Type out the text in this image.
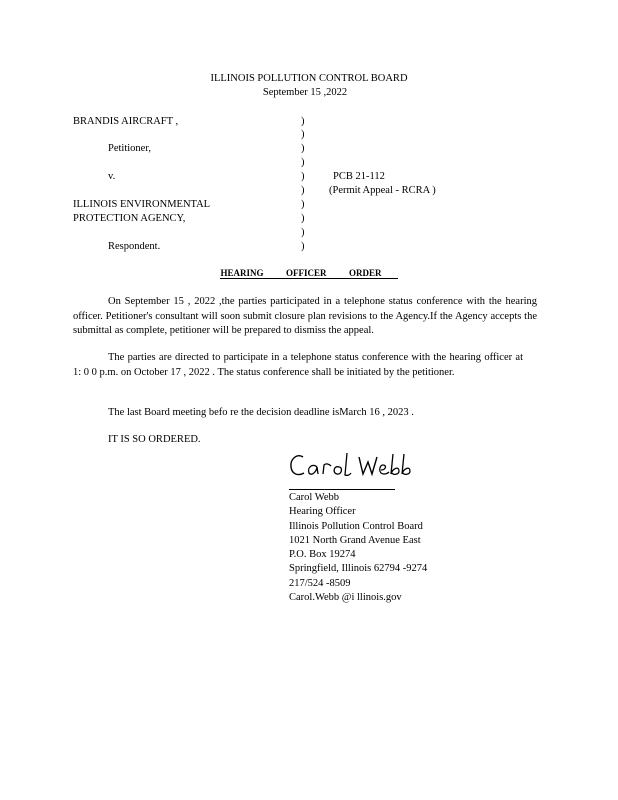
ILLINOIS POLLUTION CONTROL BOARD
September 15 ,2022
BRANDIS AIRCRAFT ,
Petitioner,
v.
ILLINOIS ENVIRONMENTAL
PROTECTION AGENCY,
Respondent.
)
)
)
)
)
)
)
)
)
)
PCB 21-112
(Permit Appeal - RCRA )
HEARING          OFFICER          ORDER
On September 15 , 2022 ,the parties participated in a telephone status conference with the hearing officer. Petitioner's consultant will soon submit closure plan revisions to the Agency.If the Agency accepts the submittal as complete, petitioner will be prepared to dismiss the appeal.
The parties are directed to participate in a telephone status conference with the hearing officer at 1: 0 0 p.m. on October 17 , 2022 . The status conference shall be initiated by the petitioner.
The last Board meeting befo re the decision deadline isMarch 16 , 2023 .
IT IS SO ORDERED.
Carol Webb
Hearing Officer
Illinois Pollution Control Board
1021 North Grand Avenue East
P.O. Box 19274
Springfield, Illinois 62794 -9274
217/524 -8509
Carol.Webb @i llinois.gov
